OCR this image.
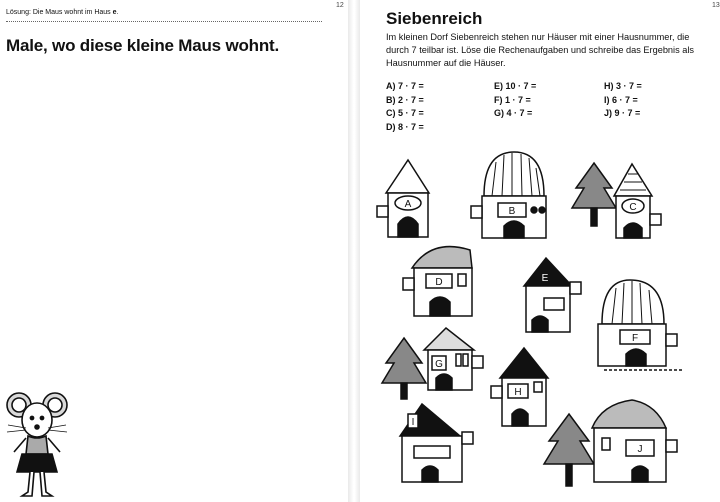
12
Lösung: Die Maus wohnt im Haus e.
Male, wo diese kleine Maus wohnt.
13
Siebenreich
Im kleinen Dorf Siebenreich stehen nur Häuser mit einer Hausnummer, die durch 7 teilbar ist. Löse die Rechenaufgaben und schreibe das Ergebnis als Hausnummer auf die Häuser.
A) 7 · 7 =
B) 2 · 7 =
C) 5 · 7 =
D) 8 · 7 =
E) 10 · 7 =
F) 1 · 7 =
G) 4 · 7 =
H) 3 · 7 =
I) 6 · 7 =
J) 9 · 7 =
A
B	C
D	E
F
G
H
I
J
